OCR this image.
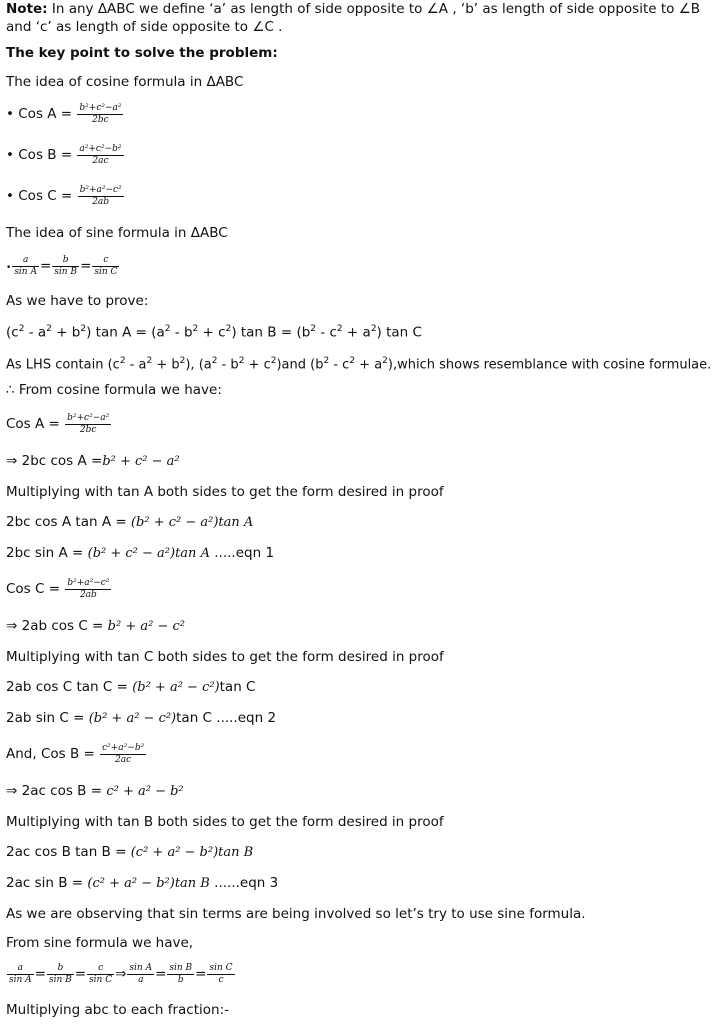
Note: In any ΔABC we define ‘a’ as length of side opposite to ∠A , ‘b’ as length of side opposite to ∠B and ‘c’ as length of side opposite to ∠C .
The key point to solve the problem:
The idea of cosine formula in ΔABC
• Cos $A = \frac{\text{b²+c²−a²}}{2bc}$
• Cos $B = \frac{\text{a²+c²−b²}}{2ac}$
• Cos $C = \frac{\text{b²+a²−c²}}{2ab}$
The idea of sine formula in ΔABC
• $\frac{a}{\text{sin A}} = \frac{b}{\text{sin B}} = \frac{c}{\text{sin C}}$
As we have to prove:
$(c^2 - a^2 + b^2)$ $\tan A = (a^2 - b^2 + c^2)$ $\tan B = (b^2 - c^2 + a^2)$ tan C
As LHS contain $(c^2 - a^2 + b^2)$, $(a^2 - b^2 + c^2)and$ ($b^2 - c^2$ + $a^2),which$ shows resemblance with cosine formulae.
∴ From cosine formula we have:
Cos $A = \frac{\text{b²+c²−a²}}{2bc}$
⇒ 2bc cos A =b² + c² − a²
Multiplying with tan A both sides to get the form desired in proof
2bc cos A tan A = (b² + c² − a²)tan A
2bc sin A = (b² + c² − a²)tan A .....eqn 1
Cos $C = \frac{\text{b²+a²−c²}}{2ab}$
⇒ 2ab cos C = b² + a² − c²
Multiplying with tan C both sides to get the form desired in proof
2ab cos C tan C = (b² + a² − c²)tan C
2ab sin C = (b² + a² − c²)tan C .....eqn 2
And, Cos $B = \frac{\text{c²+a²−b²}}{2ac}$
⇒ 2ac cos B = c² + a² − b²
Multiplying with tan B both sides to get the form desired in proof
2ac cos B tan B = (c² + a² − b²)tan B
2ac sin B = (c² + a² − b²)tan B ......eqn 3
As we are observing that sin terms are being involved so let’s try to use sine formula.
From sine formula we have,
$\frac{a}{\text{sin A}} = \frac{b}{\text{sin B}} = \frac{c}{\text{sin C}}$ ⇒ $\frac{\text{sin A}}{a} = \frac{\text{sin B}}{b} = \frac{\text{sin C}}{c}$
Multiplying abc to each fraction:-
